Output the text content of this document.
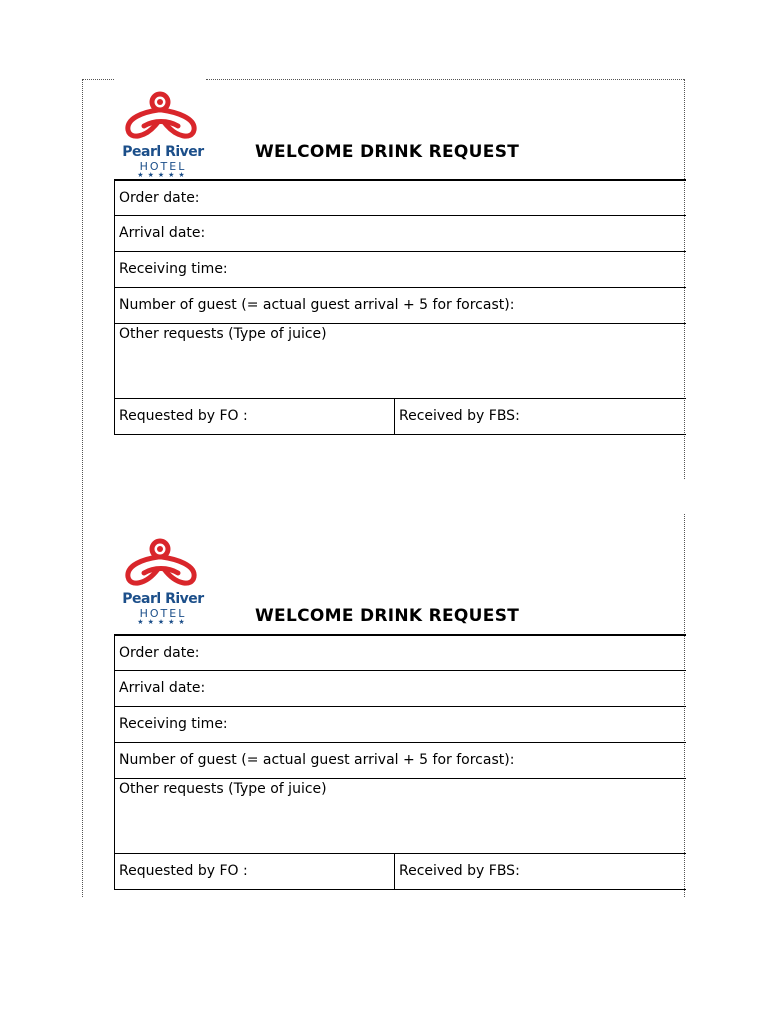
Pearl River
HOTEL
★★★★★
WELCOME DRINK REQUEST
Order date:
Arrival date:
Receiving time:
Number of guest (= actual guest arrival + 5 for forcast):
Other requests (Type of juice)
Requested by FO :	Received by FBS:
Pearl River
HOTEL
★★★★★	WELCOME DRINK REQUEST
Order date:
Arrival date:
Receiving time:
Number of guest (= actual guest arrival + 5 for forcast):
Other requests (Type of juice)
Requested by FO :	Received by FBS:
